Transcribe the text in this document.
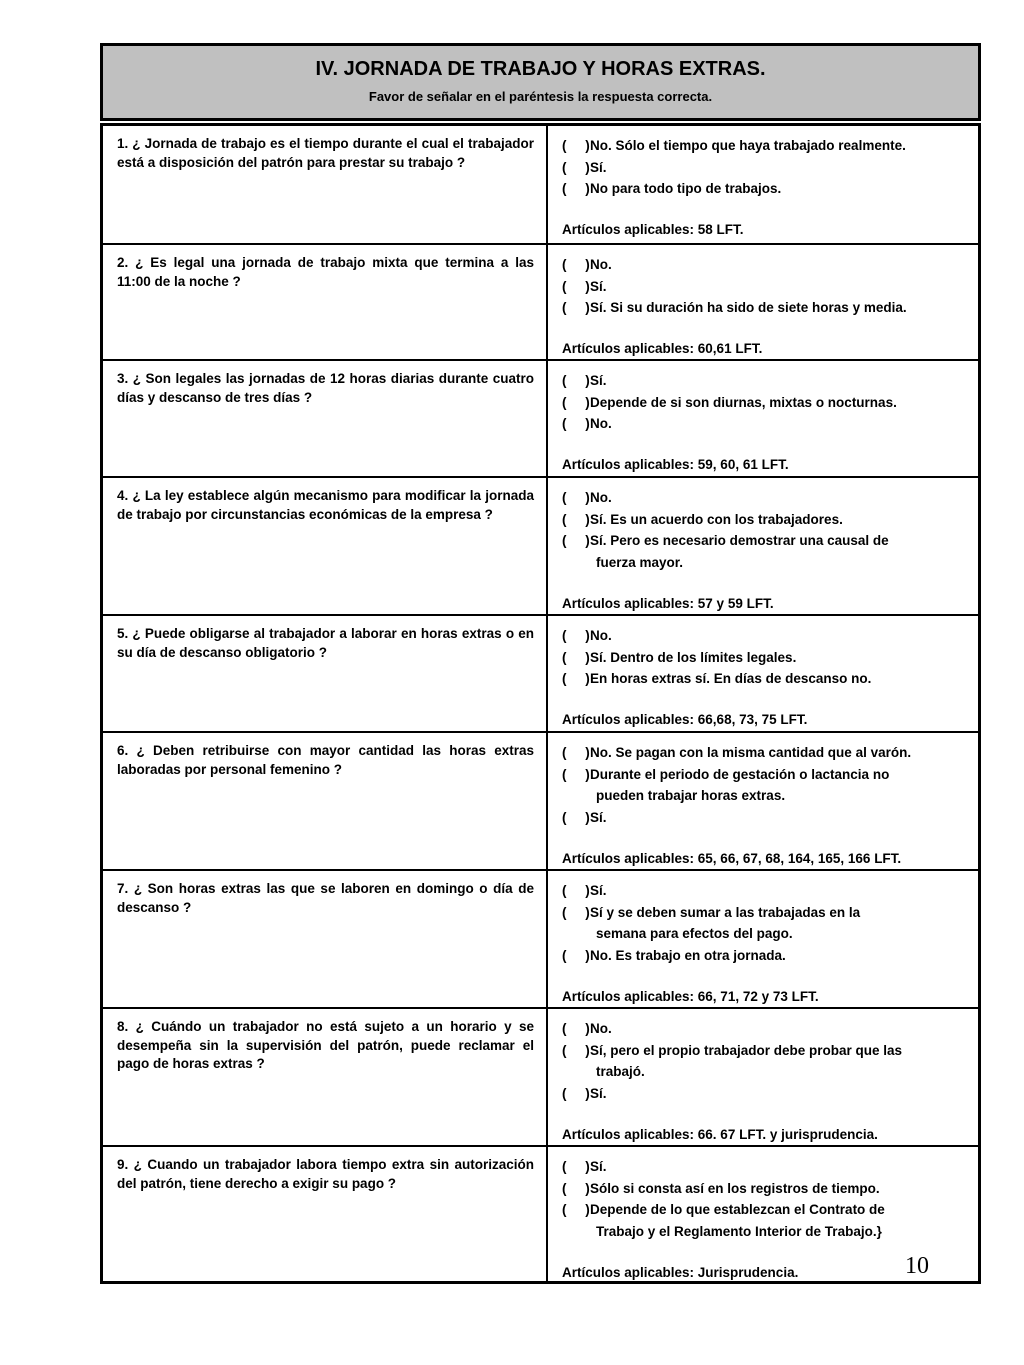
IV. JORNADA DE TRABAJO Y HORAS EXTRAS.
Favor de señalar en el paréntesis la respuesta correcta.
1. ¿ Jornada de trabajo es el tiempo durante el cual el trabajador está a disposición del patrón para prestar su trabajo ?
(     ) No. Sólo el tiempo que haya trabajado realmente.
(     ) Sí.
(     ) No para todo tipo de trabajos.
Artículos aplicables: 58 LFT.
2. ¿ Es legal una jornada de trabajo mixta que termina a las 11:00 de la noche ?
(     ) No.
(     ) Sí.
(     ) Sí. Si su duración ha sido de siete horas y media.
Artículos aplicables: 60,61 LFT.
3. ¿ Son legales las jornadas de 12 horas diarias durante cuatro días y descanso de tres días ?
(     ) Sí.
(     ) Depende de si son diurnas, mixtas o nocturnas.
(     ) No.
Artículos aplicables: 59, 60, 61 LFT.
4. ¿ La ley establece algún mecanismo para modificar la jornada de trabajo por circunstancias económicas de la empresa ?
(     ) No.
(     ) Sí. Es un acuerdo con los trabajadores.
(     ) Sí. Pero es necesario demostrar una causal de
fuerza mayor.
Artículos aplicables: 57 y 59 LFT.
5. ¿ Puede obligarse al trabajador a laborar en horas extras o en su día de descanso obligatorio ?
(     ) No.
(     ) Sí. Dentro de los límites legales.
(     ) En horas extras sí. En días de descanso no.
Artículos aplicables: 66,68, 73, 75 LFT.
6. ¿ Deben retribuirse con mayor cantidad las horas extras laboradas por personal femenino ?
(     ) No. Se pagan con la misma cantidad que al varón.
(     ) Durante el periodo de gestación o lactancia no
pueden trabajar horas extras.
(     ) Sí.
Artículos aplicables: 65, 66, 67, 68, 164, 165, 166 LFT.
7. ¿ Son horas extras las que se laboren en domingo o día de descanso ?
(     ) Sí.
(     ) Sí y se deben sumar a las trabajadas en la
semana para efectos del pago.
(     ) No. Es trabajo en otra jornada.
Artículos aplicables: 66, 71, 72 y 73 LFT.
8. ¿ Cuándo un trabajador no está sujeto a un horario y se desempeña sin la supervisión del patrón, puede reclamar el pago de horas extras ?
(     ) No.
(     ) Sí, pero el propio trabajador debe probar que las
trabajó.
(     ) Sí.
Artículos aplicables: 66. 67 LFT. y jurisprudencia.
9. ¿ Cuando un trabajador labora tiempo extra sin autorización del patrón, tiene derecho a exigir su pago ?
(     ) Sí.
(     ) Sólo si consta así en los registros de tiempo.
(     ) Depende de lo que establezcan el Contrato de
Trabajo y el Reglamento Interior de Trabajo.}
Artículos aplicables: Jurisprudencia.	10
